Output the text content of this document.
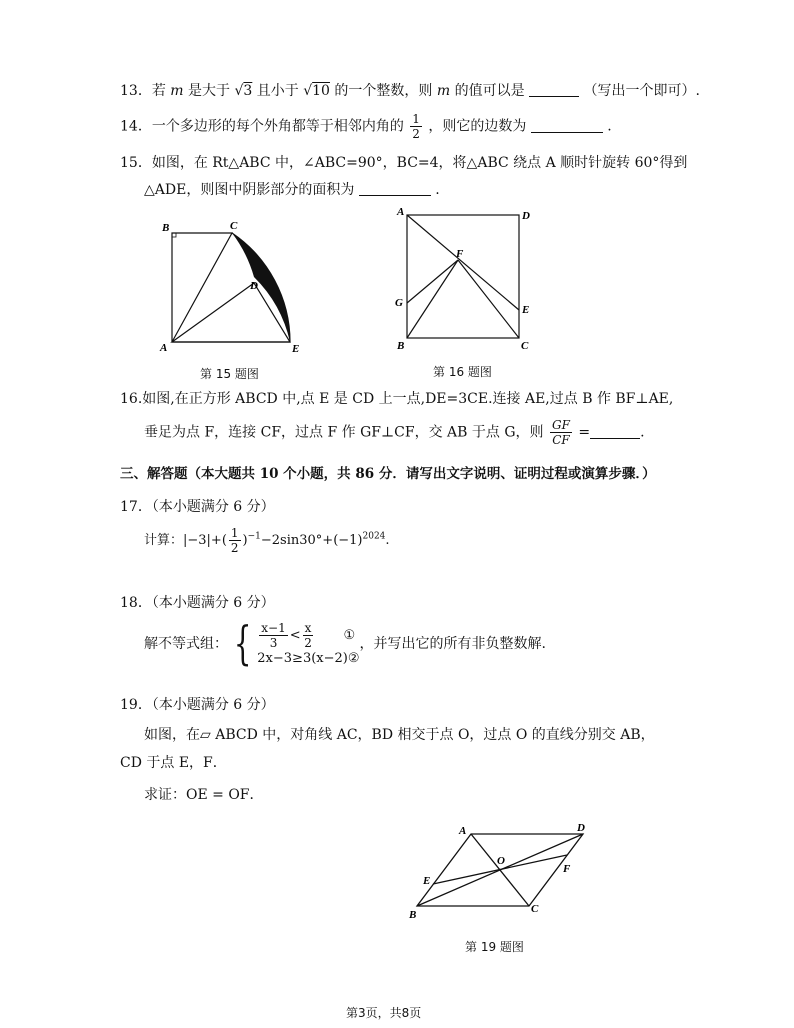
13．若 m 是大于 √3 且小于 √10 的一个整数，则 m 的值可以是	（写出一个即可）.
14．一个多边形的每个外角都等于相邻内角的 $\frac{1}{2}$ ，则它的边数为	.
15．如图，在 Rt△ABC 中，∠ABC=90°，BC=4，将△ABC 绕点 A 顺时针旋转 60°得到
△ADE，则图中阴影部分的面积为	.
B	C
D
A	E
第 15 题图
A	D
F
G
E
B	C
第 16 题图
16.如图,在正方形 ABCD 中,点 E 是 CD 上一点,DE=3CE.连接 AE,过点 B 作 BF⊥AE,
垂足为点 F，连接 CF，过点 F 作 GF⊥CF，交 AB 于点 G，则 $\frac{GF}{CF}$ =	.
三、解答题（本大题共 10 个小题，共 86 分．请写出文字说明、证明过程或演算步骤．）
17．（本小题满分 6 分）
计算：$|-3|+( \frac{1}{2} )^{-1}-2\sin 30^\circ+(-1)^{2024}$.
18．（本小题满分 6 分）
解不等式组： { $\frac{x-1}{3} < \frac{x}{2}$ ①
2x−3≥3(x−2)②
，并写出它的所有非负整数解.
19．（本小题满分 6 分）
如图，在▱ ABCD 中，对角线 AC，BD 相交于点 O，过点 O 的直线分别交 AB，
CD 于点 E，F．
求证：OE = OF．
A	D
O
F
E
B	C
第 19 题图
第3页，共8页
